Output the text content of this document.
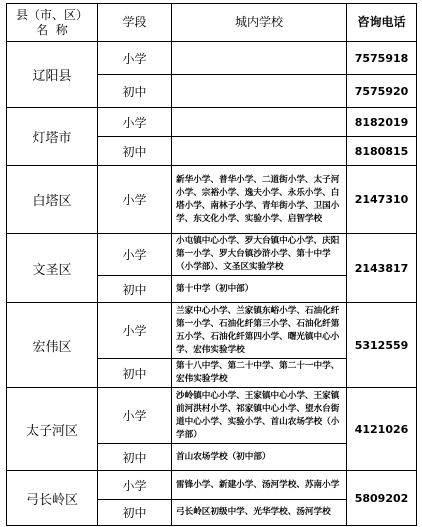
县（市、区）
名  称	学段	城内学校	咨询电话
辽阳县	小学		7575918
	初中		7575920
灯塔市	小学		8182019
	初中		8180815
白塔区	小学	新华小学、普华小学、二道街小学、太子河小学、宗裕小学、逸夫小学、永乐小学、白塔小学、南林子小学、青年街小学、卫国小学、东文化小学、实验小学、启智学校	2147310
文圣区	小学	小屯镇中心小学、罗大台镇中心小学、庆阳第一小学、罗大台镇沙浒小学、第十中学（小学部）、文圣区实验学校	2143817
	初中	第十中学（初中部）	
宏伟区	小学	兰家中心小学、兰家镇东峪小学、石油化纤第一小学、石油化纤第三小学、石油化纤第五小学、石油化纤第四小学、曙光镇中心小学、宏伟实验学校	5312559
	初中	第十八中学、第二十中学、第二十一中学、宏伟实验学校	
太子河区	小学	沙岭镇中心小学、王家镇中心小学、王家镇前河洪村小学、祁家镇中心小学、望水台街道中心小学、实验小学、首山农场学校（小学部）	4121026
	初中	首山农场学校（初中部）	
弓长岭区	小学	雷锋小学、新建小学、汤河学校、苏南小学	5809202
	初中	弓长岭区初级中学、光华学校、汤河学校	
